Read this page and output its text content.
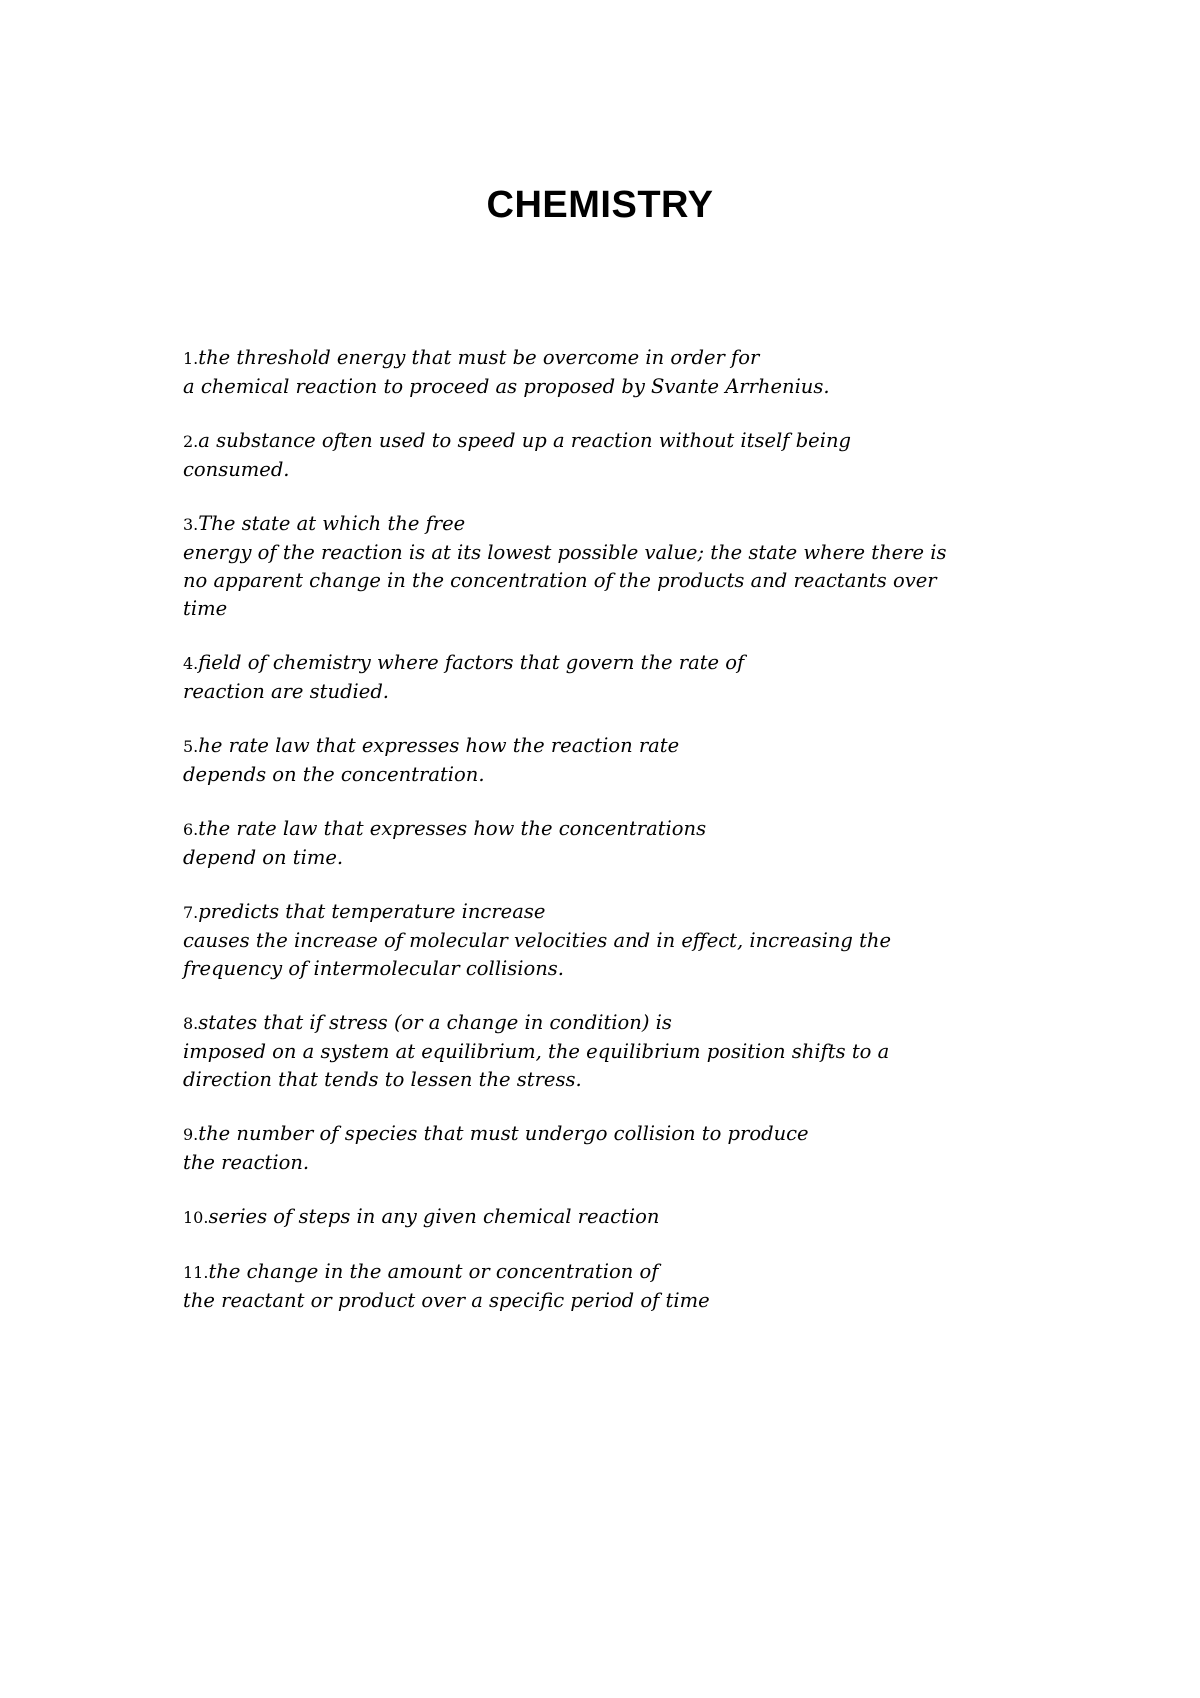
CHEMISTRY
1.the threshold energy that must be overcome in order for
a chemical reaction to proceed as proposed by Svante Arrhenius.
2.a substance often used to speed up a reaction without itself being
consumed.
3.The state at which the free
energy of the reaction is at its lowest possible value; the state where there is
no apparent change in the concentration of the products and reactants over
time
4.field of chemistry where factors that govern the rate of
reaction are studied.
5.he rate law that expresses how the reaction rate
depends on the concentration.
6.the rate law that expresses how the concentrations
depend on time.
7.predicts that temperature increase
causes the increase of molecular velocities and in effect, increasing the
frequency of intermolecular collisions.
8.states that if stress (or a change in condition) is
imposed on a system at equilibrium, the equilibrium position shifts to a
direction that tends to lessen the stress.
9.the number of species that must undergo collision to produce
the reaction.
10.series of steps in any given chemical reaction
11.the change in the amount or concentration of
the reactant or product over a specific period of time
